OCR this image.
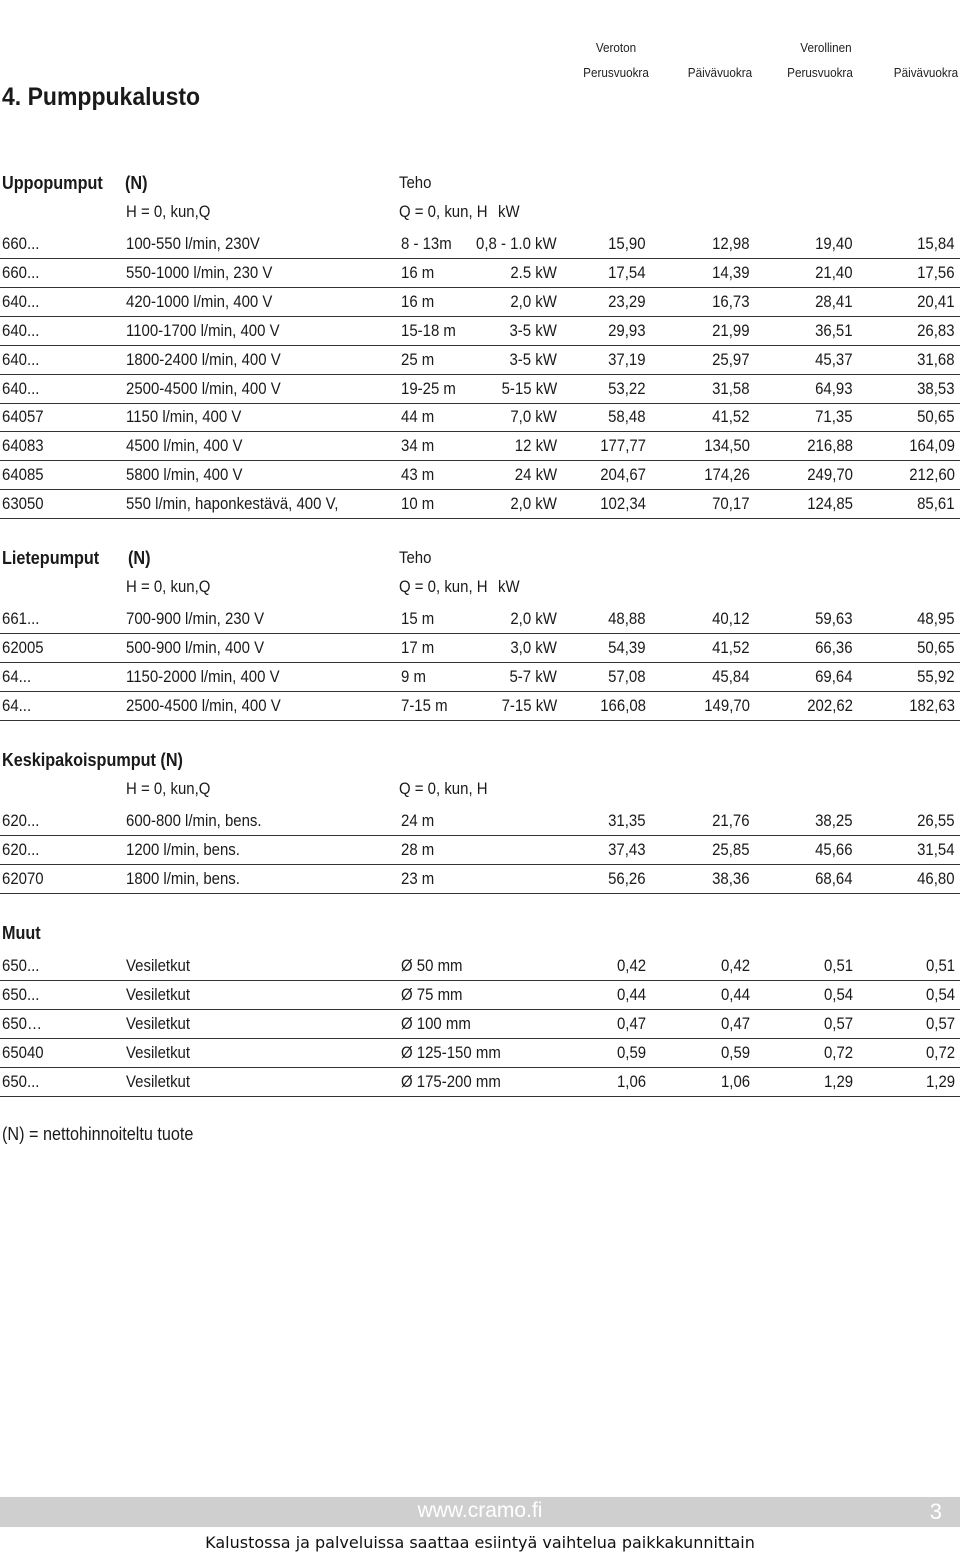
Veroton	Verollinen
Perusvuokra	Päivävuokra	Perusvuokra	Päivävuokra
4. Pumppukalusto
Uppopumput (N)	Teho
H = 0, kun,Q	Q = 0, kun, H kW
660...	100-550 l/min, 230V	8 - 13m 0,8 - 1.0 kW	15,90	12,98	19,40	15,84
660...	550-1000 l/min, 230 V	16 m	2.5 kW	17,54	14,39	21,40	17,56
640...	420-1000 l/min, 400 V	16 m	2,0 kW	23,29	16,73	28,41	20,41
640...	1100-1700 l/min, 400 V	15-18 m	3-5 kW	29,93	21,99	36,51	26,83
640...	1800-2400 l/min, 400 V	25 m	3-5 kW	37,19	25,97	45,37	31,68
640...	2500-4500 l/min, 400 V	19-25 m	5-15 kW	53,22	31,58	64,93	38,53
64057	1150 l/min, 400 V	44 m	7,0 kW	58,48	41,52	71,35	50,65
64083	4500 l/min, 400 V	34 m	12 kW	177,77	134,50	216,88	164,09
64085	5800 l/min, 400 V	43 m	24 kW	204,67	174,26	249,70	212,60
63050	550 l/min, haponkestävä, 400 V,	10 m	2,0 kW	102,34	70,17	124,85	85,61
Lietepumput (N)	Teho
H = 0, kun,Q	Q = 0, kun, H kW
661...	700-900 l/min, 230 V	15 m	2,0 kW	48,88	40,12	59,63	48,95
62005	500-900 l/min, 400 V	17 m	3,0 kW	54,39	41,52	66,36	50,65
64...	1150-2000 l/min, 400 V	9 m	5-7 kW	57,08	45,84	69,64	55,92
64...	2500-4500 l/min, 400 V	7-15 m	7-15 kW	166,08	149,70	202,62	182,63
Keskipakoispumput (N)
H = 0, kun,Q	Q = 0, kun, H
620...	600-800 l/min, bens.	24 m	31,35	21,76	38,25	26,55
620...	1200 l/min, bens.	28 m	37,43	25,85	45,66	31,54
62070	1800 l/min, bens.	23 m	56,26	38,36	68,64	46,80
Muut
650...	Vesiletkut	Ø 50 mm	0,42	0,42	0,51	0,51
650...	Vesiletkut	Ø 75 mm	0,44	0,44	0,54	0,54
650…	Vesiletkut	Ø 100 mm	0,47	0,47	0,57	0,57
65040	Vesiletkut	Ø 125-150 mm	0,59	0,59	0,72	0,72
650...	Vesiletkut	Ø 175-200 mm	1,06	1,06	1,29	1,29
(N) = nettohinnoiteltu tuote
www.cramo.fi	3
Kalustossa ja palveluissa saattaa esiintyä vaihtelua paikkakunnittain
